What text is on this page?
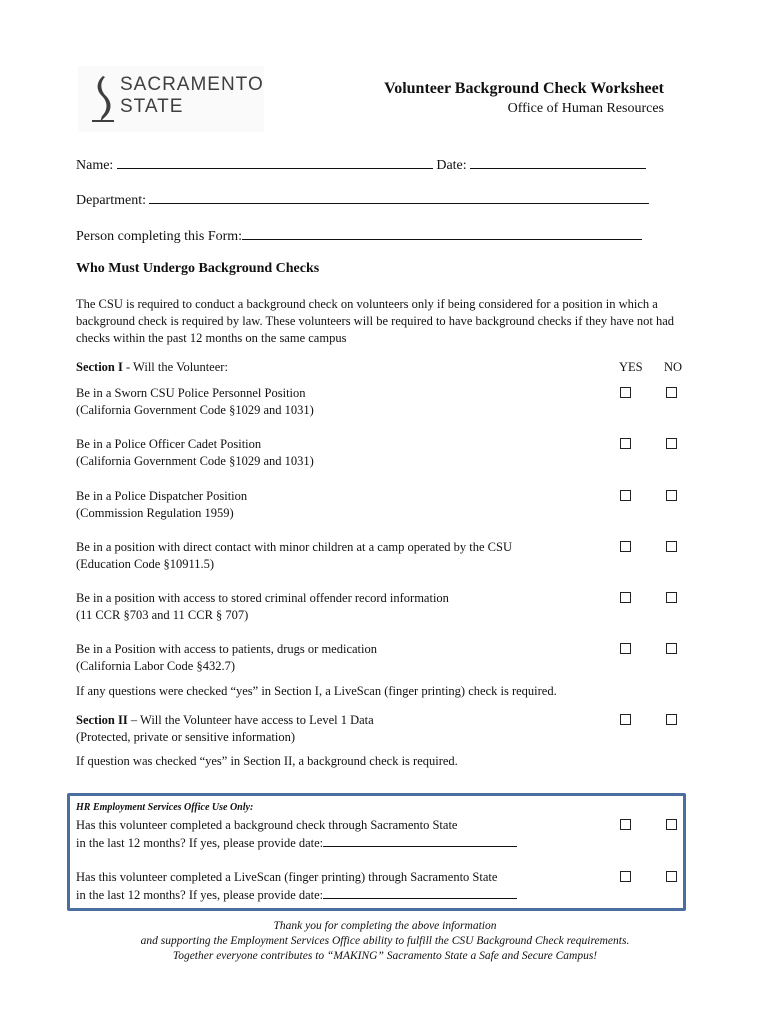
SACRAMENTO
STATE
Volunteer Background Check Worksheet
Office of Human Resources
Name:	Date:
Department:
Person completing this Form:
Who Must Undergo Background Checks
The CSU is required to conduct a background check on volunteers only if being considered for a position in which a background check is required by law. These volunteers will be required to have background checks if they have not had checks within the past 12 months on the same campus
Section I - Will the Volunteer:	YES NO
Be in a Sworn CSU Police Personnel Position
(California Government Code §1029 and 1031)
Be in a Police Officer Cadet Position
(California Government Code §1029 and 1031)
Be in a Police Dispatcher Position
(Commission Regulation 1959)
Be in a position with direct contact with minor children at a camp operated by the CSU
(Education Code §10911.5)
Be in a position with access to stored criminal offender record information
(11 CCR §703 and 11 CCR § 707)
Be in a Position with access to patients, drugs or medication
(California Labor Code §432.7)
If any questions were checked “yes” in Section I, a LiveScan (finger printing) check is required.
Section II – Will the Volunteer have access to Level 1 Data
(Protected, private or sensitive information)
If question was checked “yes” in Section II, a background check is required.
HR Employment Services Office Use Only:
Has this volunteer completed a background check through Sacramento State
in the last 12 months? If yes, please provide date:
Has this volunteer completed a LiveScan (finger printing) through Sacramento State
in the last 12 months? If yes, please provide date:
Thank you for completing the above information
and supporting the Employment Services Office ability to fulfill the CSU Background Check requirements.
Together everyone contributes to “MAKING” Sacramento State a Safe and Secure Campus!
